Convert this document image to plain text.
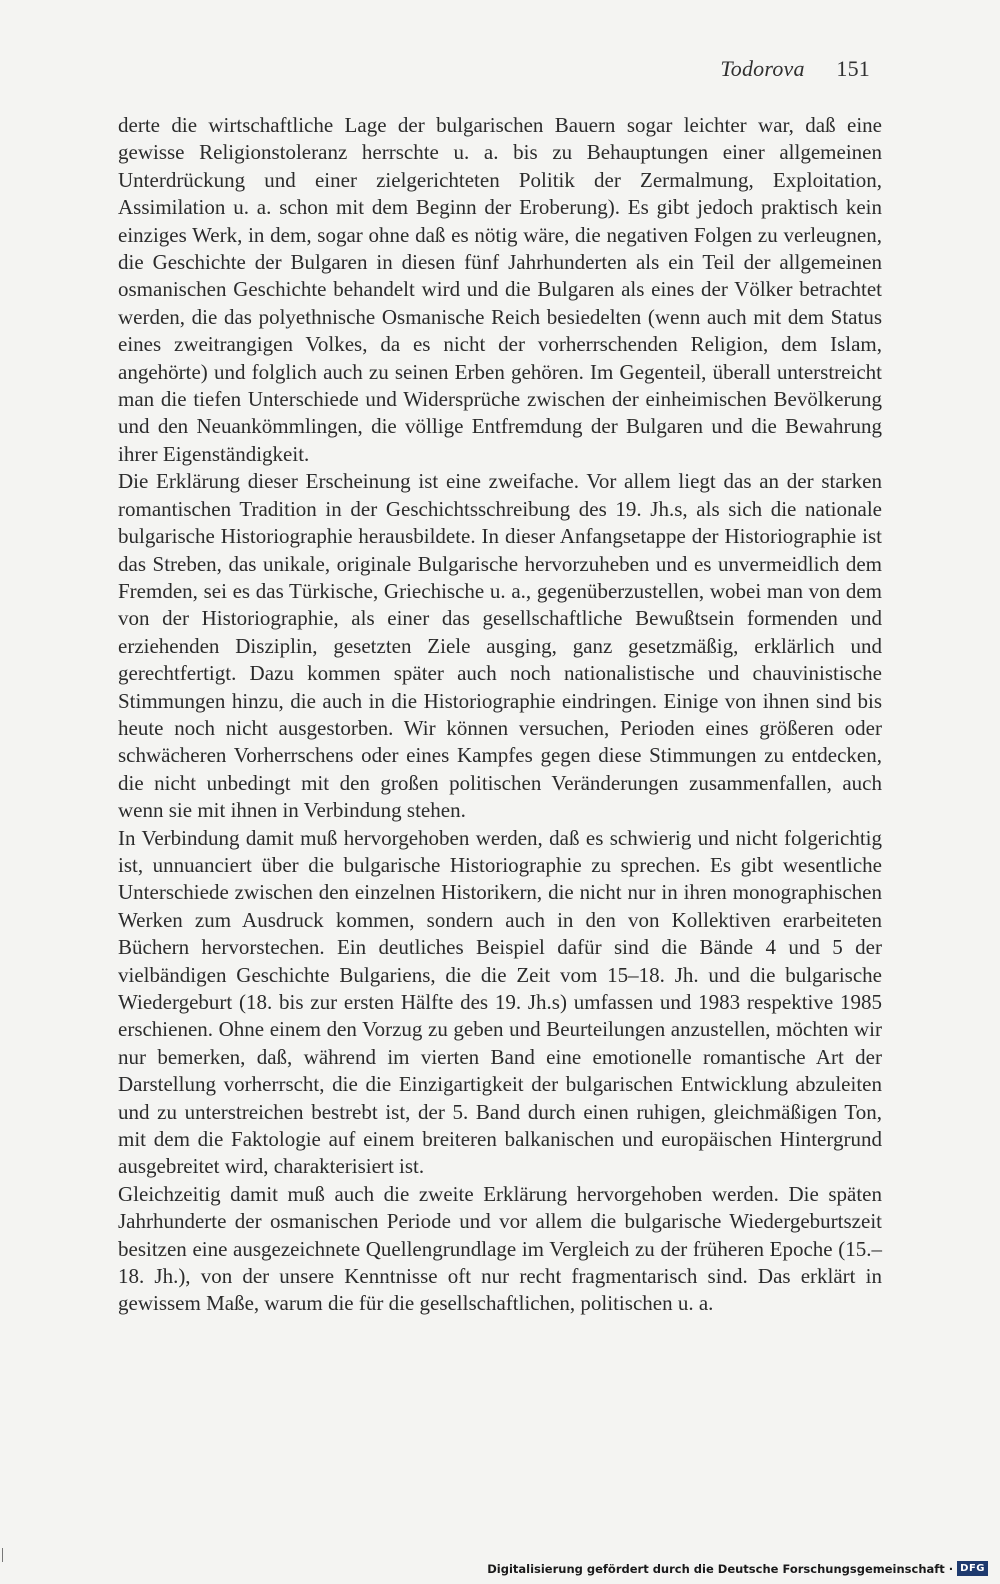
Todorova 151

derte die wirtschaftliche Lage der bulgarischen Bauern sogar leichter war, daß eine gewisse Religionstoleranz herrschte u. a. bis zu Behauptungen einer allgemeinen Unterdrückung und einer zielgerichteten Politik der Zermalmung, Exploitation, Assimilation u. a. schon mit dem Beginn der Eroberung). Es gibt jedoch praktisch kein einziges Werk, in dem, sogar ohne daß es nötig wäre, die negativen Folgen zu verleugnen, die Geschichte der Bulgaren in diesen fünf Jahrhunderten als ein Teil der allgemeinen osmanischen Geschichte behandelt wird und die Bulgaren als eines der Völker betrachtet werden, die das polyethnische Osmanische Reich besiedelten (wenn auch mit dem Status eines zweitrangigen Volkes, da es nicht der vorherrschenden Religion, dem Islam, angehörte) und folglich auch zu seinen Erben gehören. Im Gegenteil, überall unterstreicht man die tiefen Unterschiede und Widersprüche zwischen der einheimischen Bevölkerung und den Neuankömmlingen, die völlige Entfremdung der Bulgaren und die Bewahrung ihrer Eigenständigkeit.

Die Erklärung dieser Erscheinung ist eine zweifache. Vor allem liegt das an der starken romantischen Tradition in der Geschichtsschreibung des 19. Jh.s, als sich die nationale bulgarische Historiographie herausbildete. In dieser Anfangsetappe der Historiographie ist das Streben, das unikale, originale Bulgarische hervorzuheben und es unvermeidlich dem Fremden, sei es das Türkische, Griechische u. a., gegenüberzustellen, wobei man von dem von der Historiographie, als einer das gesellschaftliche Bewußtsein formenden und erziehenden Disziplin, gesetzten Ziele ausging, ganz gesetzmäßig, erklärlich und gerechtfertigt. Dazu kommen später auch noch nationalistische und chauvinistische Stimmungen hinzu, die auch in die Historiographie eindringen. Einige von ihnen sind bis heute noch nicht ausgestorben. Wir können versuchen, Perioden eines größeren oder schwächeren Vorherrschens oder eines Kampfes gegen diese Stimmungen zu entdecken, die nicht unbedingt mit den großen politischen Veränderungen zusammenfallen, auch wenn sie mit ihnen in Verbindung stehen.

In Verbindung damit muß hervorgehoben werden, daß es schwierig und nicht folgerichtig ist, unnuanciert über die bulgarische Historiographie zu sprechen. Es gibt wesentliche Unterschiede zwischen den einzelnen Historikern, die nicht nur in ihren monographischen Werken zum Ausdruck kommen, sondern auch in den von Kollektiven erarbeiteten Büchern hervorstechen. Ein deutliches Beispiel dafür sind die Bände 4 und 5 der vielbändigen Geschichte Bulgariens, die die Zeit vom 15–18. Jh. und die bulgarische Wiedergeburt (18. bis zur ersten Hälfte des 19. Jh.s) umfassen und 1983 respektive 1985 erschienen. Ohne einem den Vorzug zu geben und Beurteilungen anzustellen, möchten wir nur bemerken, daß, während im vierten Band eine emotionelle romantische Art der Darstellung vorherrscht, die die Einzigartigkeit der bulgarischen Entwicklung abzuleiten und zu unterstreichen bestrebt ist, der 5. Band durch einen ruhigen, gleichmäßigen Ton, mit dem die Faktologie auf einem breiteren balkanischen und europäischen Hintergrund ausgebreitet wird, charakterisiert ist.

Gleichzeitig damit muß auch die zweite Erklärung hervorgehoben werden. Die späten Jahrhunderte der osmanischen Periode und vor allem die bulgarische Wiedergeburtszeit besitzen eine ausgezeichnete Quellengrundlage im Vergleich zu der früheren Epoche (15.–18. Jh.), von der unsere Kenntnisse oft nur recht fragmentarisch sind. Das erklärt in gewissem Maße, warum die für die gesellschaftlichen, politischen u. a.

Digitalisierung gefördert durch die Deutsche Forschungsgemeinschaft · DFG
